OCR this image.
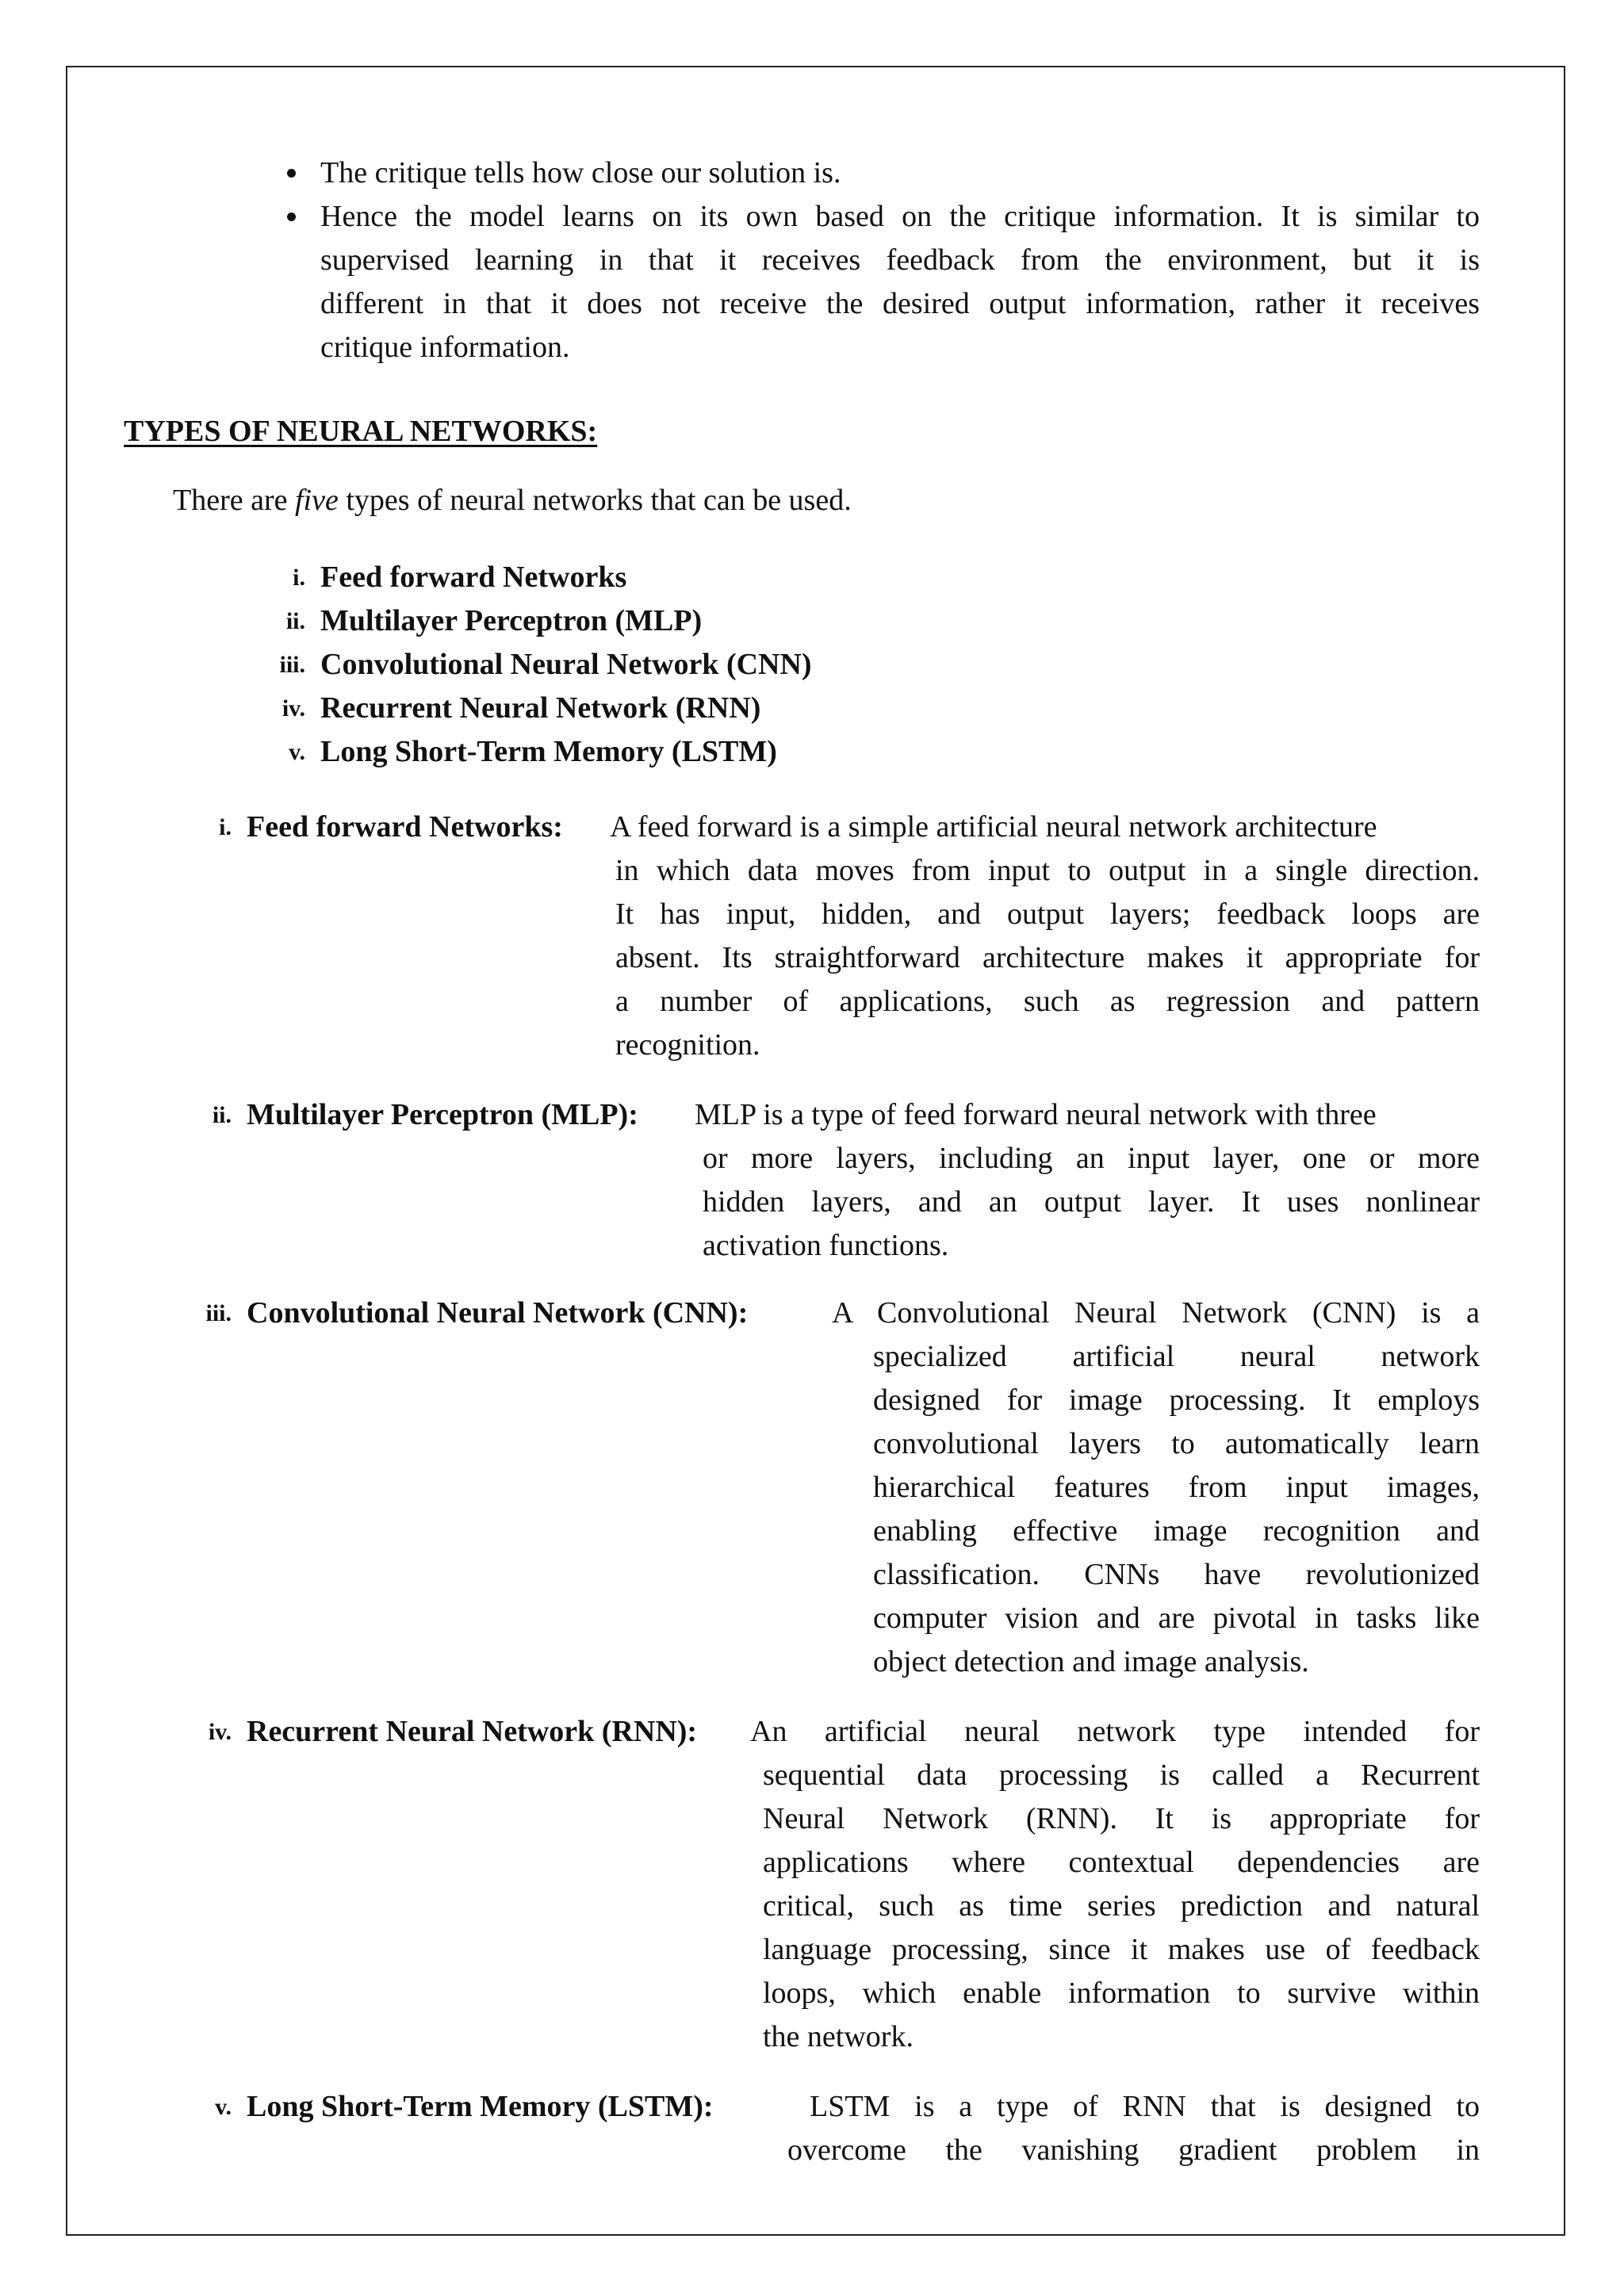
The critique tells how close our solution is.
Hence the model learns on its own based on the critique information. It is similar to
supervised learning in that it receives feedback from the environment, but it is
different in that it does not receive the desired output information, rather it receives
critique information.
TYPES OF NEURAL NETWORKS:
There are five types of neural networks that can be used.
i. Feed forward Networks
ii. Multilayer Perceptron (MLP)
iii. Convolutional Neural Network (CNN)
iv. Recurrent Neural Network (RNN)
v. Long Short-Term Memory (LSTM)
i. Feed forward Networks: A feed forward is a simple artificial neural network architecture
in which data moves from input to output in a single direction.
It has input, hidden, and output layers; feedback loops are
absent. Its straightforward architecture makes it appropriate for
a number of applications, such as regression and pattern
recognition.
ii. Multilayer Perceptron (MLP): MLP is a type of feed forward neural network with three
or more layers, including an input layer, one or more
hidden layers, and an output layer. It uses nonlinear
activation functions.
iii. Convolutional Neural Network (CNN):	A Convolutional Neural Network (CNN) is a
specialized artificial neural network
designed for image processing. It employs
convolutional layers to automatically learn
hierarchical features from input images,
enabling effective image recognition and
classification. CNNs have revolutionized
computer vision and are pivotal in tasks like
object detection and image analysis.
iv. Recurrent Neural Network (RNN): An artificial neural network type intended for
sequential data processing is called a Recurrent
Neural Network (RNN). It is appropriate for
applications where contextual dependencies are
critical, such as time series prediction and natural
language processing, since it makes use of feedback
loops, which enable information to survive within
the network.
v. Long Short-Term Memory (LSTM):	LSTM is a type of RNN that is designed to
overcome the vanishing gradient problem in
